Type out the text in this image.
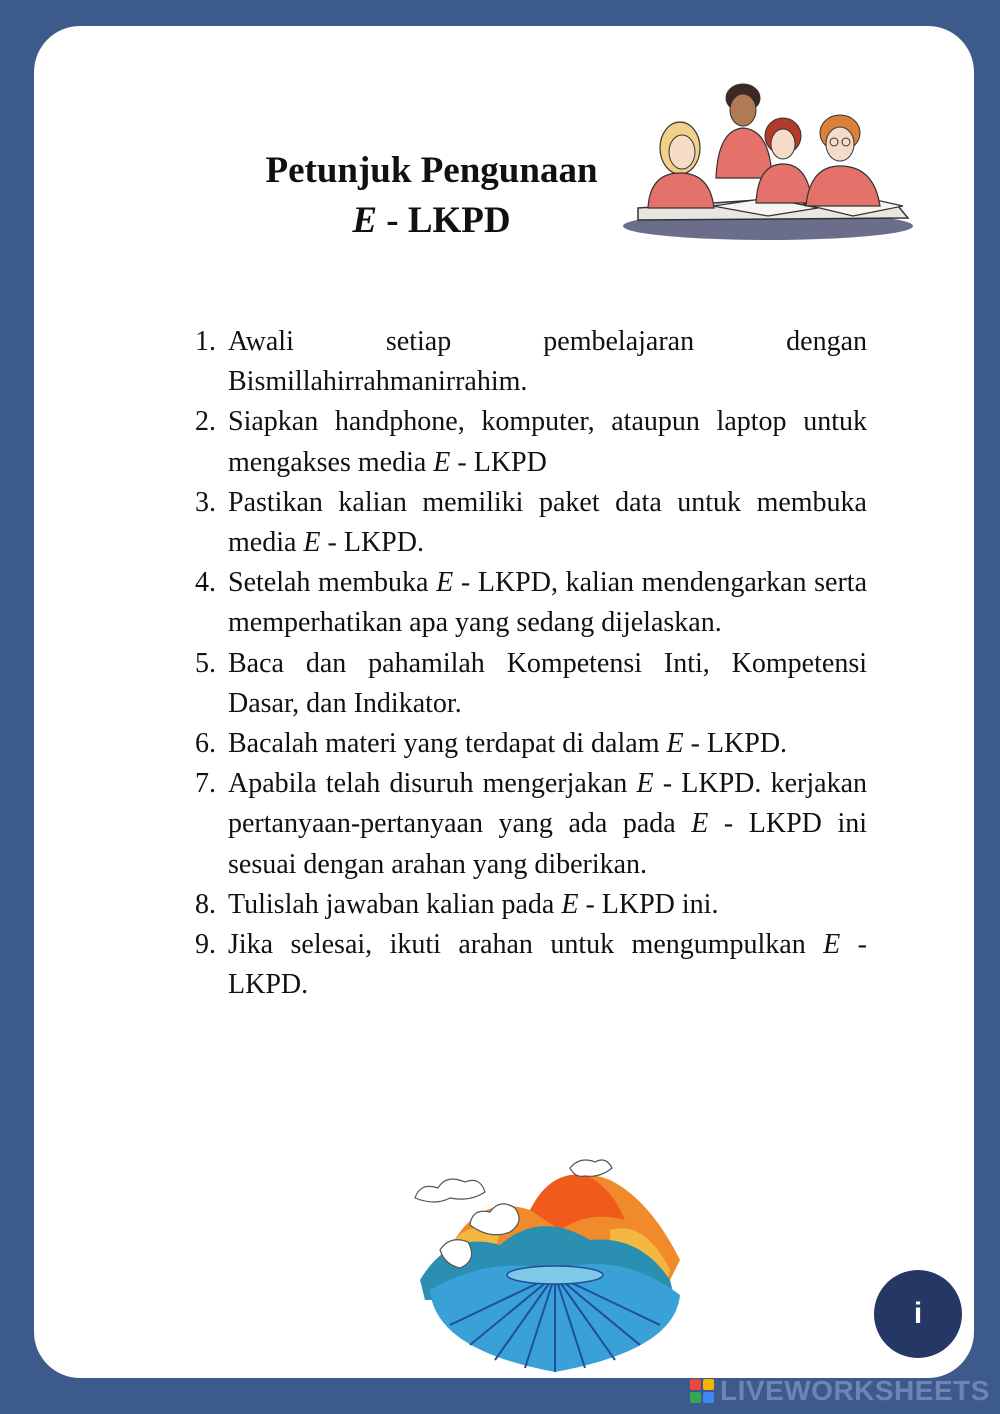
Petunjuk Pengunaan
E - LKPD
1. Awali setiap pembelajaran dengan Bismillahirrahmanirrahim.
2. Siapkan handphone, komputer, ataupun laptop untuk mengakses media E - LKPD
3. Pastikan kalian memiliki paket data untuk membuka media E - LKPD.
4. Setelah membuka E - LKPD, kalian mendengarkan serta memperhatikan apa yang sedang dijelaskan.
5. Baca dan pahamilah Kompetensi Inti, Kompetensi Dasar, dan Indikator.
6. Bacalah materi yang terdapat di dalam E - LKPD.
7. Apabila telah disuruh mengerjakan E - LKPD. kerjakan pertanyaan-pertanyaan yang ada pada E - LKPD ini sesuai dengan arahan yang diberikan.
8. Tulislah jawaban kalian pada E - LKPD ini.
9. Jika selesai, ikuti arahan untuk mengumpulkan E - LKPD.
i
LIVEWORKSHEETS
